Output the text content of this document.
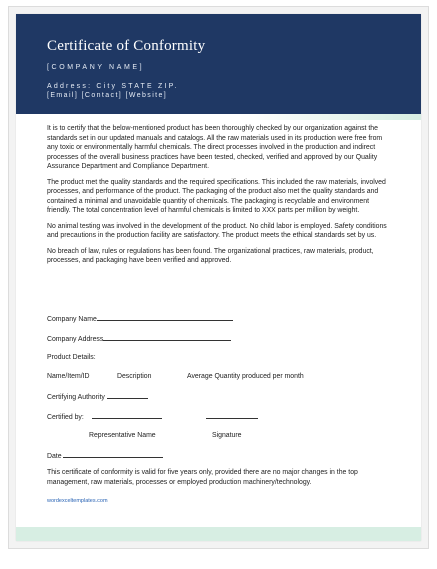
Certificate of Conformity
[COMPANY NAME]
Address: City STATE ZIP.
[Email] [Contact] [Website]

It is to certify that the below-mentioned product has been thoroughly checked by our organization against the standards set in our updated manuals and catalogs. All the raw materials used in its production were free from any toxic or environmentally harmful chemicals. The direct processes involved in the production and indirect processes of the overall business practices have been tested, checked, verified and approved by our Quality Assurance Department and Compliance Department.

The product met the quality standards and the required specifications. This included the raw materials, involved processes, and performance of the product. The packaging of the product also met the quality standards and contained a minimal and unavoidable quantity of chemicals. The packaging is recyclable and environment friendly. The total concentration level of harmful chemicals is limited to XXX parts per million by weight.

No animal testing was involved in the development of the product. No child labor is employed. Safety conditions and precautions in the production facility are satisfactory. The product meets the ethical standards set by us.

No breach of law, rules or regulations has been found. The organizational practices, raw materials, product, processes, and packaging have been verified and approved.

Company Name
Company Address
Product Details:
Name/Item/ID	Description	Average Quantity produced per month
Certifying Authority
Certified by:
Representative Name	Signature
Date
This certificate of conformity is valid for five years only, provided there are no major changes in the top management, raw materials, processes or employed production machinery/technology.
wordexceltemplates.com
